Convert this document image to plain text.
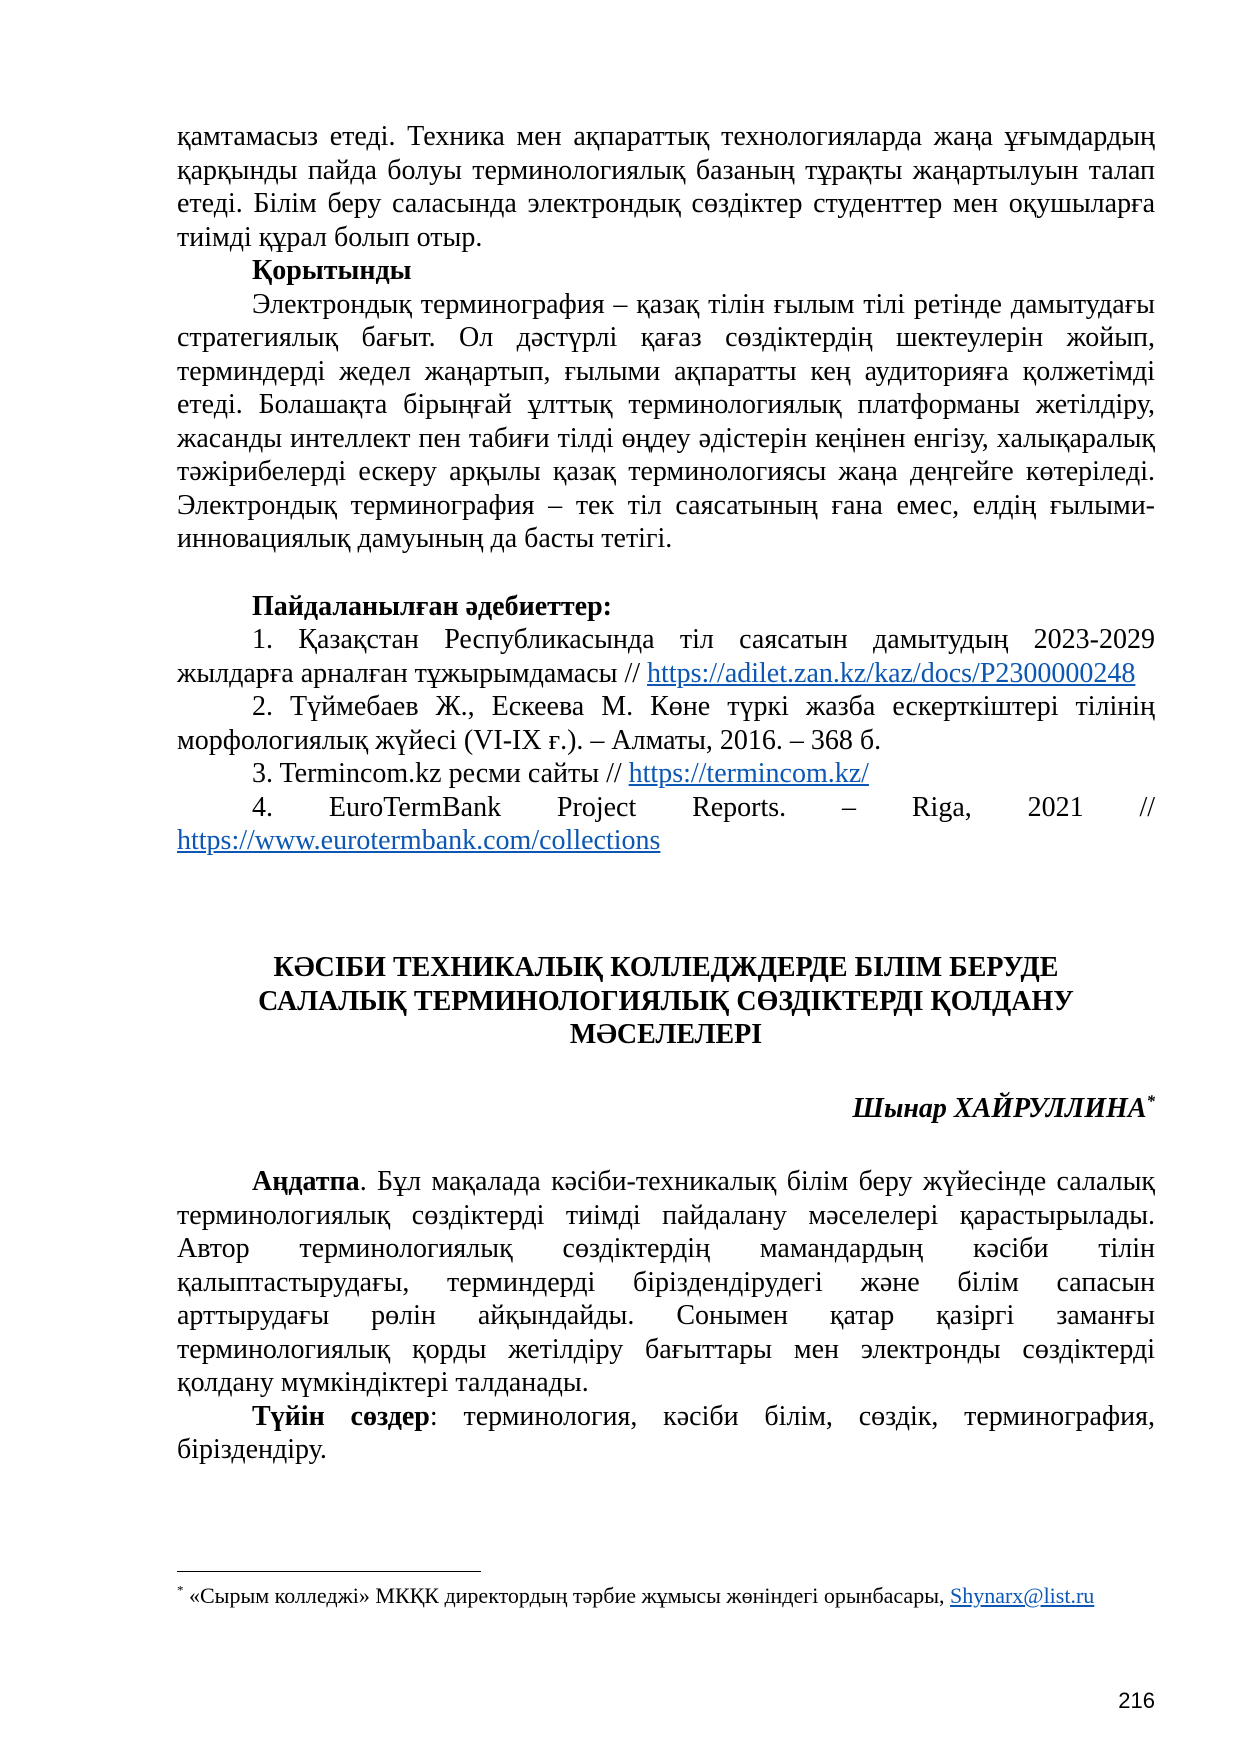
қамтамасыз етеді. Техника мен ақпараттық технологияларда жаңа ұғымдардың қарқынды пайда болуы терминологиялық базаның тұрақты жаңартылуын талап етеді. Білім беру саласында электрондық сөздіктер студенттер мен оқушыларға тиімді құрал болып отыр.

Қорытынды

Электрондық терминография – қазақ тілін ғылым тілі ретінде дамытудағы стратегиялық бағыт. Ол дәстүрлі қағаз сөздіктердің шектеулерін жойып, терминдерді жедел жаңартып, ғылыми ақпаратты кең аудиторияға қолжетімді етеді. Болашақта бірыңғай ұлттық терминологиялық платформаны жетілдіру, жасанды интеллект пен табиғи тілді өңдеу әдістерін кеңінен енгізу, халықаралық тәжірибелерді ескеру арқылы қазақ терминологиясы жаңа деңгейге көтеріледі. Электрондық терминография – тек тіл саясатының ғана емес, елдің ғылыми-инновациялық дамуының да басты тетігі.

Пайдаланылған әдебиеттер:

1. Қазақстан Республикасында тіл саясатын дамытудың 2023-2029 жылдарға арналған тұжырымдамасы // https://adilet.zan.kz/kaz/docs/P2300000248

2. Түймебаев Ж., Ескеева М. Көне түркі жазба ескерткіштері тілінің морфологиялық жүйесі (VI-IX ғ.). – Алматы, 2016. – 368 б.

3. Termincom.kz ресми сайты // https://termincom.kz/

4. EuroTermBank Project Reports. – Riga, 2021 // https://www.eurotermbank.com/collections

КӘСІБИ ТЕХНИКАЛЫҚ КОЛЛЕДЖДЕРДЕ БІЛІМ БЕРУДЕ
САЛАЛЫҚ ТЕРМИНОЛОГИЯЛЫҚ СӨЗДІКТЕРДІ ҚОЛДАНУ
МӘСЕЛЕЛЕРІ
Шынар ХАЙРУЛЛИНА*

Аңдатпа. Бұл мақалада кәсіби-техникалық білім беру жүйесінде салалық терминологиялық сөздіктерді тиімді пайдалану мәселелері қарастырылады. Автор терминологиялық сөздіктердің мамандардың кәсіби тілін қалыптастырудағы, терминдерді біріздендірудегі және білім сапасын арттырудағы рөлін айқындайды. Сонымен қатар қазіргі заманғы терминологиялық қорды жетілдіру бағыттары мен электронды сөздіктерді қолдану мүмкіндіктері талданады.

Түйін сөздер: терминология, кәсіби білім, сөздік, терминография, біріздендіру.

* «Сырым колледжі» МКҚК директордың тәрбие жұмысы жөніндегі орынбасары, Shynarx@list.ru

216
